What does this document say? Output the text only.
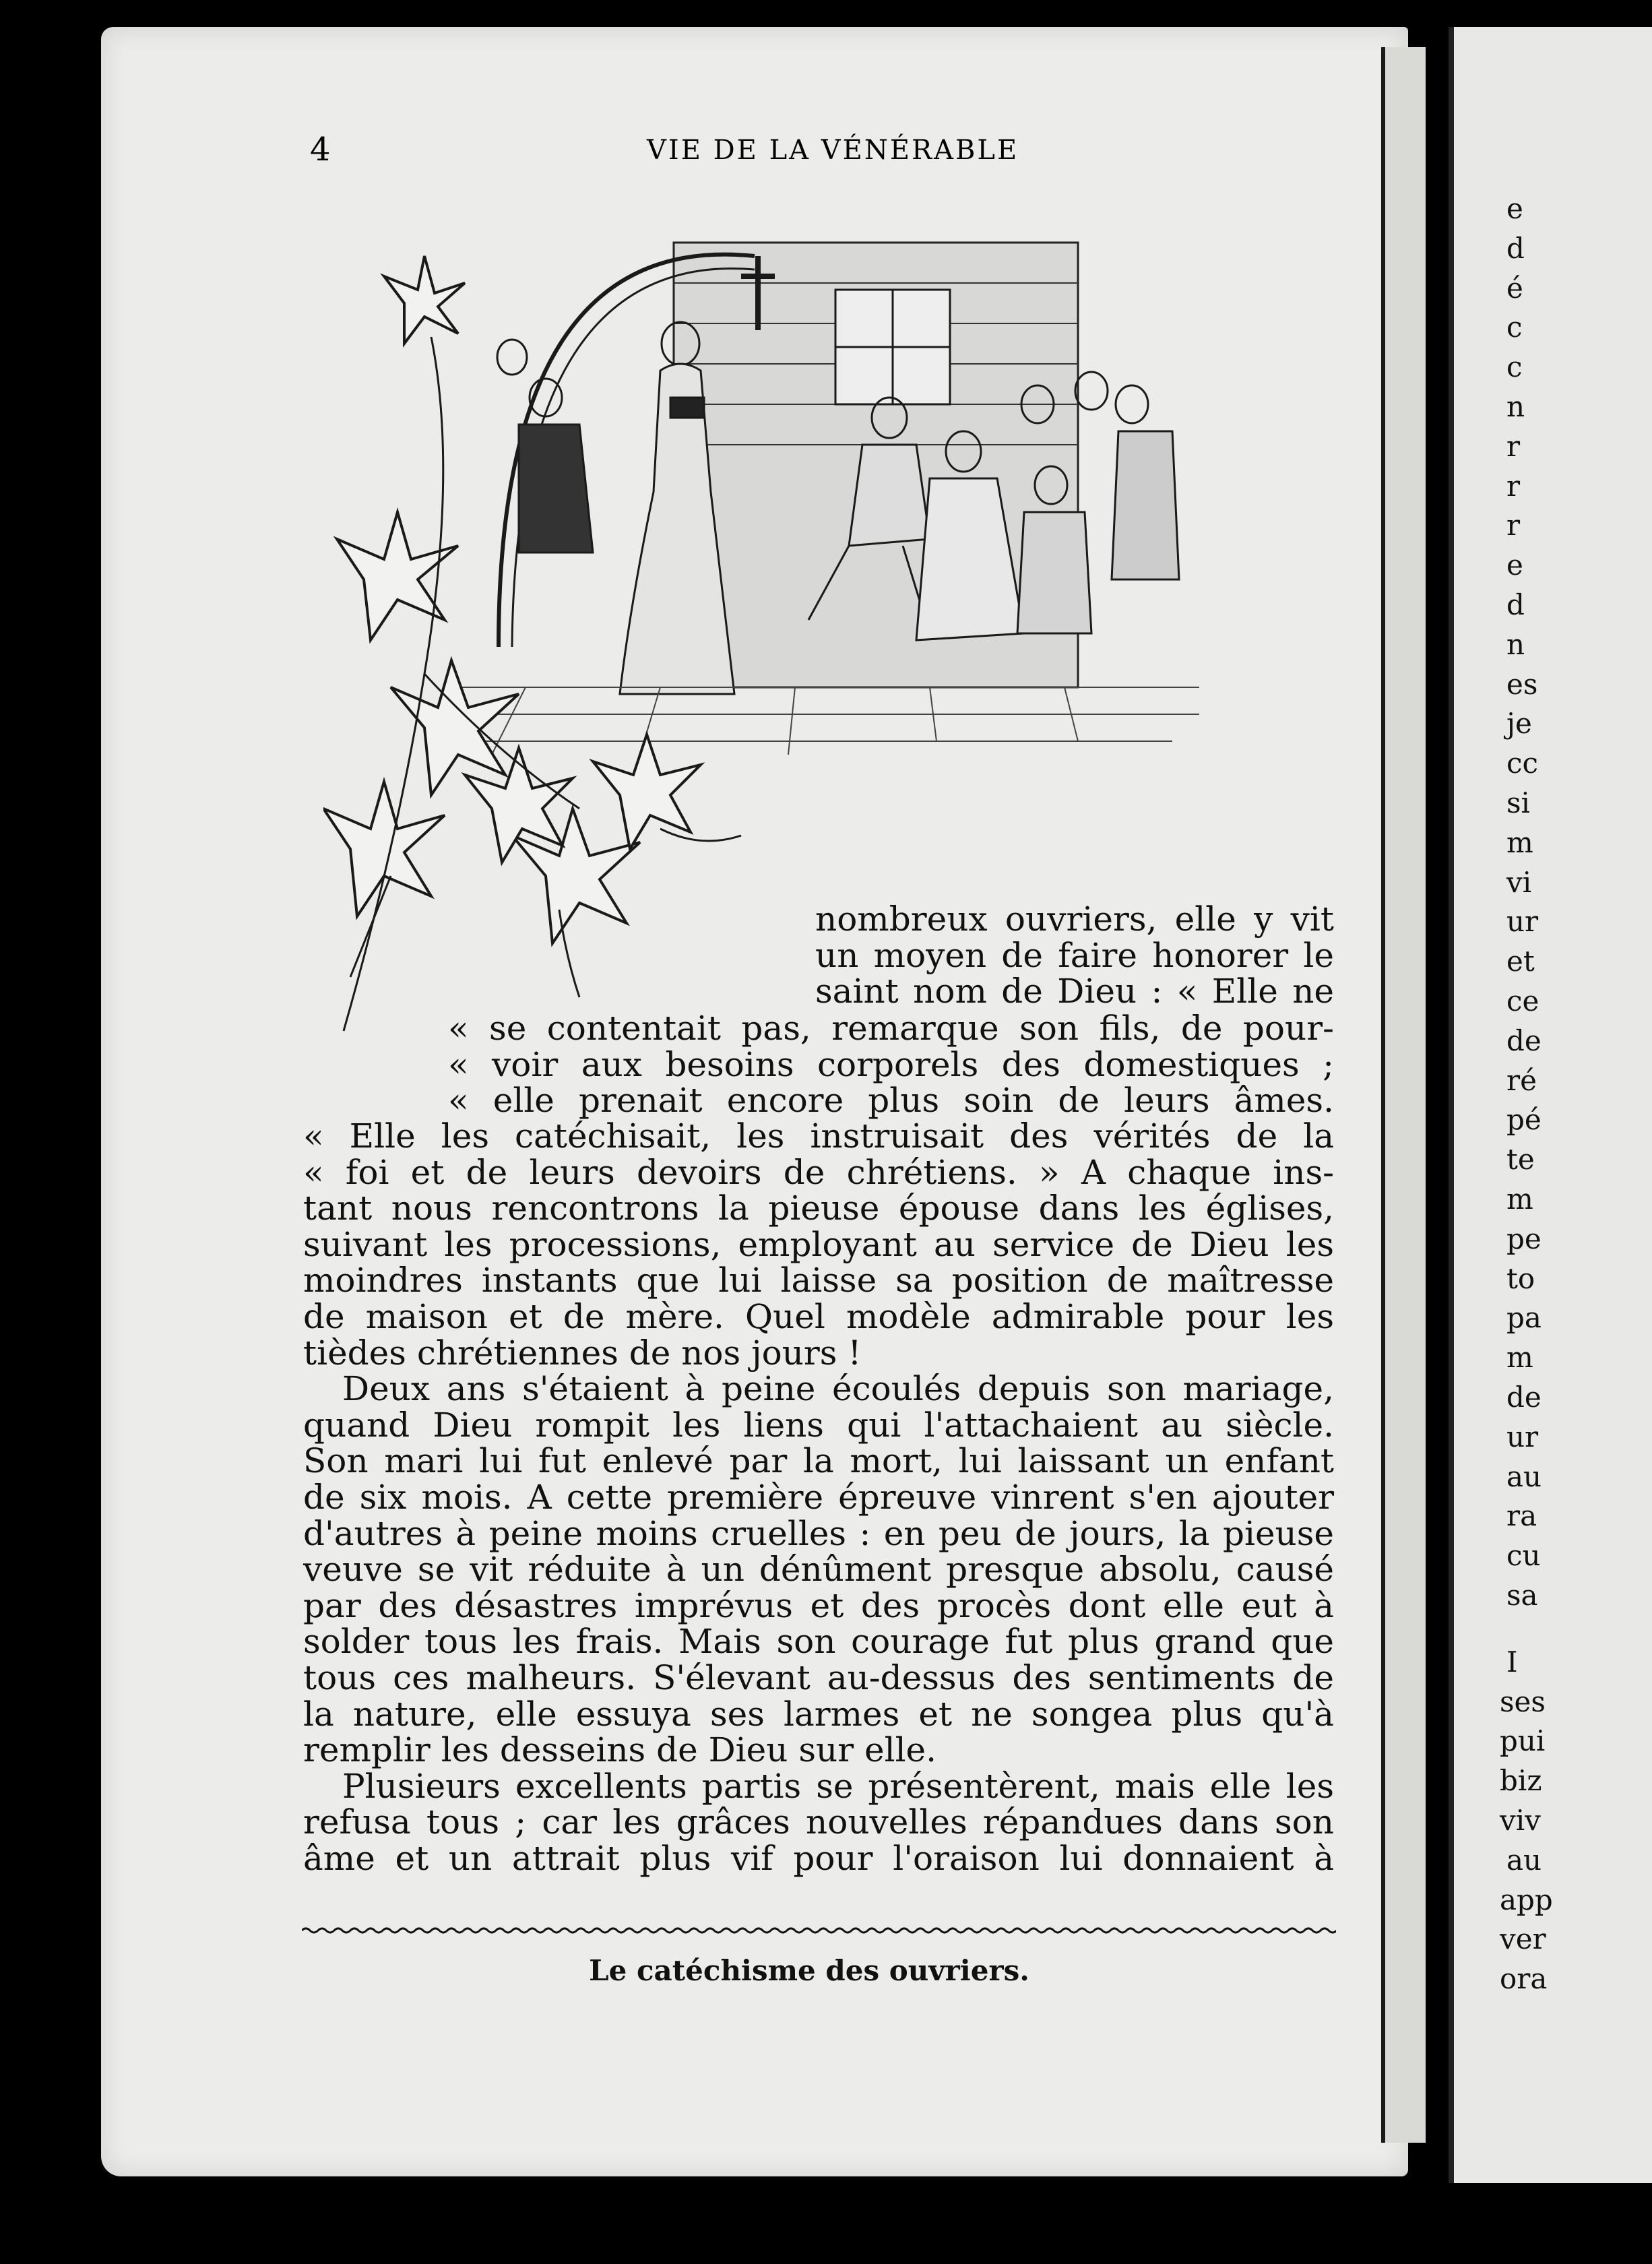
e
d
é
c
c
n
r
r
r
e
d
n
es
je
cc
si
m
vi
ur
et
ce
de
ré
pé
te
m
pe
to
pa
m
de
ur
au
ra
cu
sa
I
ses
pui
biz
viv
au
app
ver
ora
4	VIE DE LA VÉNÉRABLE
nombreux ouvriers, elle y vit
un moyen de faire honorer le
saint nom de Dieu : « Elle ne
« se contentait pas, remarque son fils, de pour-
« voir aux besoins corporels des domestiques ;
« elle prenait encore plus soin de leurs âmes.
« Elle les catéchisait, les instruisait des vérités de la
« foi et de leurs devoirs de chrétiens. » A chaque ins-
tant nous rencontrons la pieuse épouse dans les églises,
suivant les processions, employant au service de Dieu les
moindres instants que lui laisse sa position de maîtresse
de maison et de mère. Quel modèle admirable pour les
tièdes chrétiennes de nos jours !
Deux ans s'étaient à peine écoulés depuis son mariage,
quand Dieu rompit les liens qui l'attachaient au siècle.
Son mari lui fut enlevé par la mort, lui laissant un enfant
de six mois. A cette première épreuve vinrent s'en ajouter
d'autres à peine moins cruelles : en peu de jours, la pieuse
veuve se vit réduite à un dénûment presque absolu, causé
par des désastres imprévus et des procès dont elle eut à
solder tous les frais. Mais son courage fut plus grand que
tous ces malheurs. S'élevant au-dessus des sentiments de
la nature, elle essuya ses larmes et ne songea plus qu'à
remplir les desseins de Dieu sur elle.
Plusieurs excellents partis se présentèrent, mais elle les
refusa tous ; car les grâces nouvelles répandues dans son
âme et un attrait plus vif pour l'oraison lui donnaient à
Le catéchisme des ouvriers.
